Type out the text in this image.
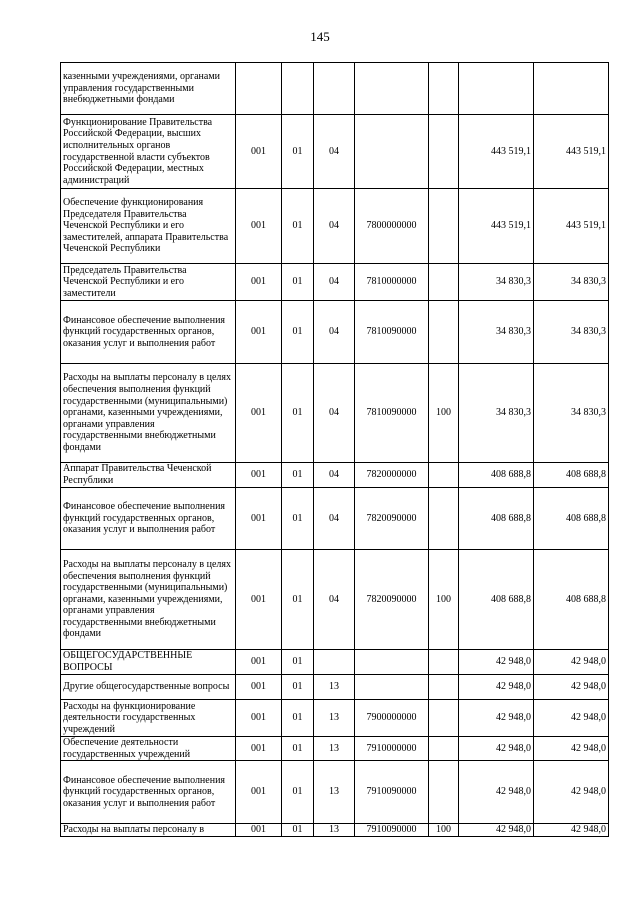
145
казенными учреждениями, органами управления государственными внебюджетными фондами							
Функционирование Правительства Российской Федерации, высших исполнительных органов государственной власти субъектов Российской Федерации, местных администраций	001	01	04			443 519,1	443 519,1
Обеспечение функционирования Председателя Правительства Чеченской Республики и его заместителей, аппарата Правительства Чеченской Республики	001	01	04	7800000000		443 519,1	443 519,1
Председатель Правительства Чеченской Республики и его заместители	001	01	04	7810000000		34 830,3	34 830,3
Финансовое обеспечение выполнения функций государственных органов, оказания услуг и выполнения работ	001	01	04	7810090000		34 830,3	34 830,3
Расходы на выплаты персоналу в целях обеспечения выполнения функций государственными (муниципальными) органами, казенными учреждениями, органами управления государственными внебюджетными фондами	001	01	04	7810090000	100	34 830,3	34 830,3
Аппарат Правительства Чеченской Республики	001	01	04	7820000000		408 688,8	408 688,8
Финансовое обеспечение выполнения функций государственных органов, оказания услуг и выполнения работ	001	01	04	7820090000		408 688,8	408 688,8
Расходы на выплаты персоналу в целях обеспечения выполнения функций государственными (муниципальными) органами, казенными учреждениями, органами управления государственными внебюджетными фондами	001	01	04	7820090000	100	408 688,8	408 688,8
ОБЩЕГОСУДАРСТВЕННЫЕ ВОПРОСЫ	001	01				42 948,0	42 948,0
Другие общегосударственные вопросы	001	01	13			42 948,0	42 948,0
Расходы на функционирование деятельности государственных учреждений	001	01	13	7900000000		42 948,0	42 948,0
Обеспечение деятельности государственных учреждений	001	01	13	7910000000		42 948,0	42 948,0
Финансовое обеспечение выполнения функций государственных органов, оказания услуг и выполнения работ	001	01	13	7910090000		42 948,0	42 948,0
Расходы на выплаты персоналу в	001	01	13	7910090000	100	42 948,0	42 948,0
